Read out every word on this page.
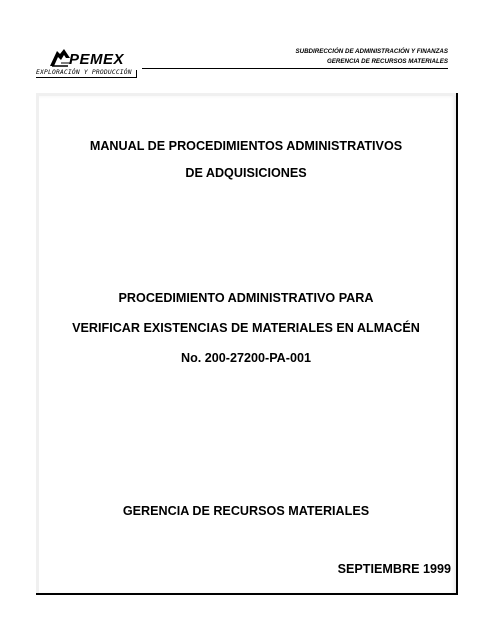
PEMEX
EXPLORACIÓN Y PRODUCCIÓN
SUBDIRECCIÓN DE ADMINISTRACIÓN Y FINANZAS
GERENCIA DE RECURSOS MATERIALES
MANUAL DE PROCEDIMIENTOS ADMINISTRATIVOS
DE ADQUISICIONES
PROCEDIMIENTO ADMINISTRATIVO PARA
VERIFICAR EXISTENCIAS DE MATERIALES EN ALMACÉN
No. 200-27200-PA-001
GERENCIA DE RECURSOS MATERIALES
SEPTIEMBRE 1999
